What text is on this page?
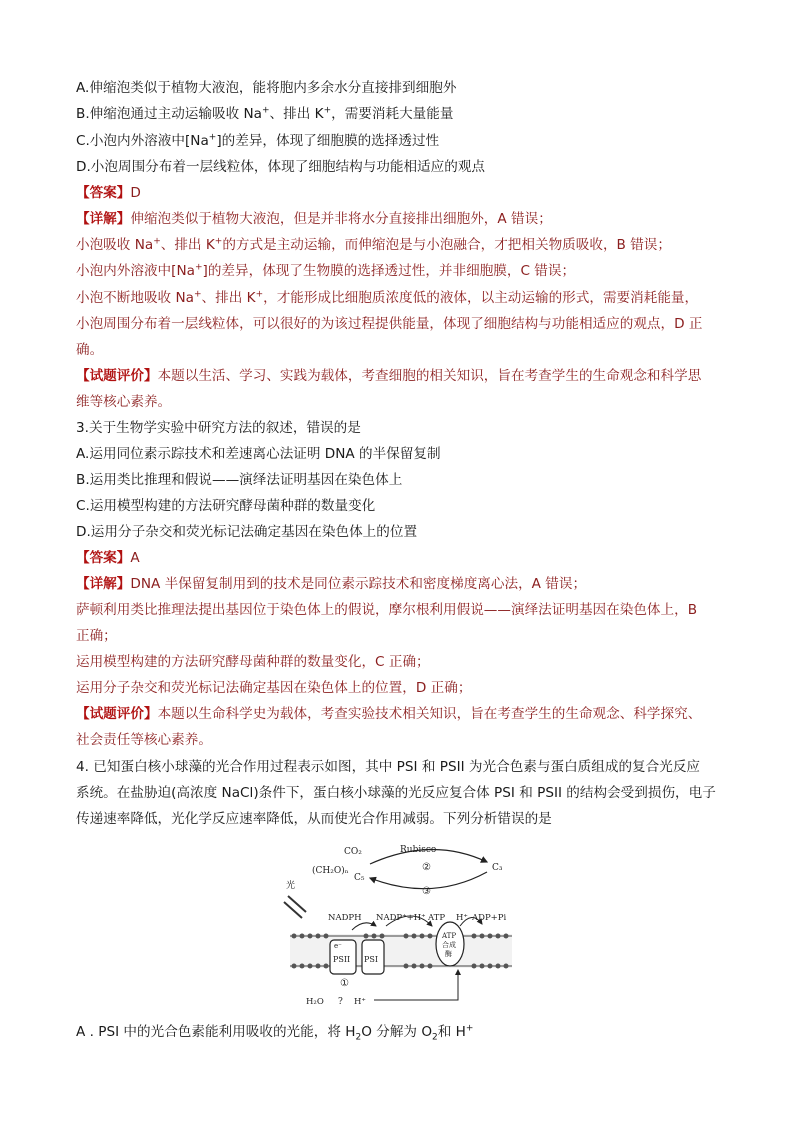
A.伸缩泡类似于植物大液泡，能将胞内多余水分直接排到细胞外
B.伸缩泡通过主动运输吸收 Na+、排出 K+，需要消耗大量能量
C.小泡内外溶液中[Na+]的差异，体现了细胞膜的选择透过性
D.小泡周围分布着一层线粒体，体现了细胞结构与功能相适应的观点
【答案】D
【详解】伸缩泡类似于植物大液泡，但是并非将水分直接排出细胞外，A 错误；
小泡吸收 Na+、排出 K+的方式是主动运输，而伸缩泡是与小泡融合，才把相关物质吸收，B 错误；
小泡内外溶液中[Na+]的差异，体现了生物膜的选择透过性，并非细胞膜，C 错误；
小泡不断地吸收 Na+、排出 K+，才能形成比细胞质浓度低的液体，以主动运输的形式，需要消耗能量，
小泡周围分布着一层线粒体，可以很好的为该过程提供能量，体现了细胞结构与功能相适应的观点，D 正
确。
【试题评价】本题以生活、学习、实践为载体，考查细胞的相关知识，旨在考查学生的生命观念和科学思
维等核心素养。
3.关于生物学实验中研究方法的叙述，错误的是
A.运用同位素示踪技术和差速离心法证明 DNA 的半保留复制
B.运用类比推理和假说——演绎法证明基因在染色体上
C.运用模型构建的方法研究酵母菌种群的数量变化
D.运用分子杂交和荧光标记法确定基因在染色体上的位置
【答案】A
【详解】DNA 半保留复制用到的技术是同位素示踪技术和密度梯度离心法，A 错误；
萨顿利用类比推理法提出基因位于染色体上的假说，摩尔根利用假说——演绎法证明基因在染色体上，B
正确；
运用模型构建的方法研究酵母菌种群的数量变化，C 正确；
运用分子杂交和荧光标记法确定基因在染色体上的位置，D 正确；
【试题评价】本题以生命科学史为载体，考查实验技术相关知识，旨在考查学生的生命观念、科学探究、
社会责任等核心素养。
4. 已知蛋白核小球藻的光合作用过程表示如图，其中 PSI 和 PSII 为光合色素与蛋白质组成的复合光反应
系统。在盐胁迫(高浓度 NaCl)条件下，蛋白核小球藻的光反应复合体 PSI 和 PSII 的结构会受到损伤，电子
传递速率降低，光化学反应速率降低，从而使光合作用减弱。下列分析错误的是
CO₂	Rubisco
(CH₂O)ₙ
C₅
C₃
②
③
光
NADPH NADP⁺+H⁺ ATP H⁺ ADP+Pi
PSII
e⁻
PSI
ATP
合成
酶
①
H₂O ? H⁺
A . PSI 中的光合色素能利用吸收的光能，将 $H_2O$ 分解为 $O_2$和 H+
